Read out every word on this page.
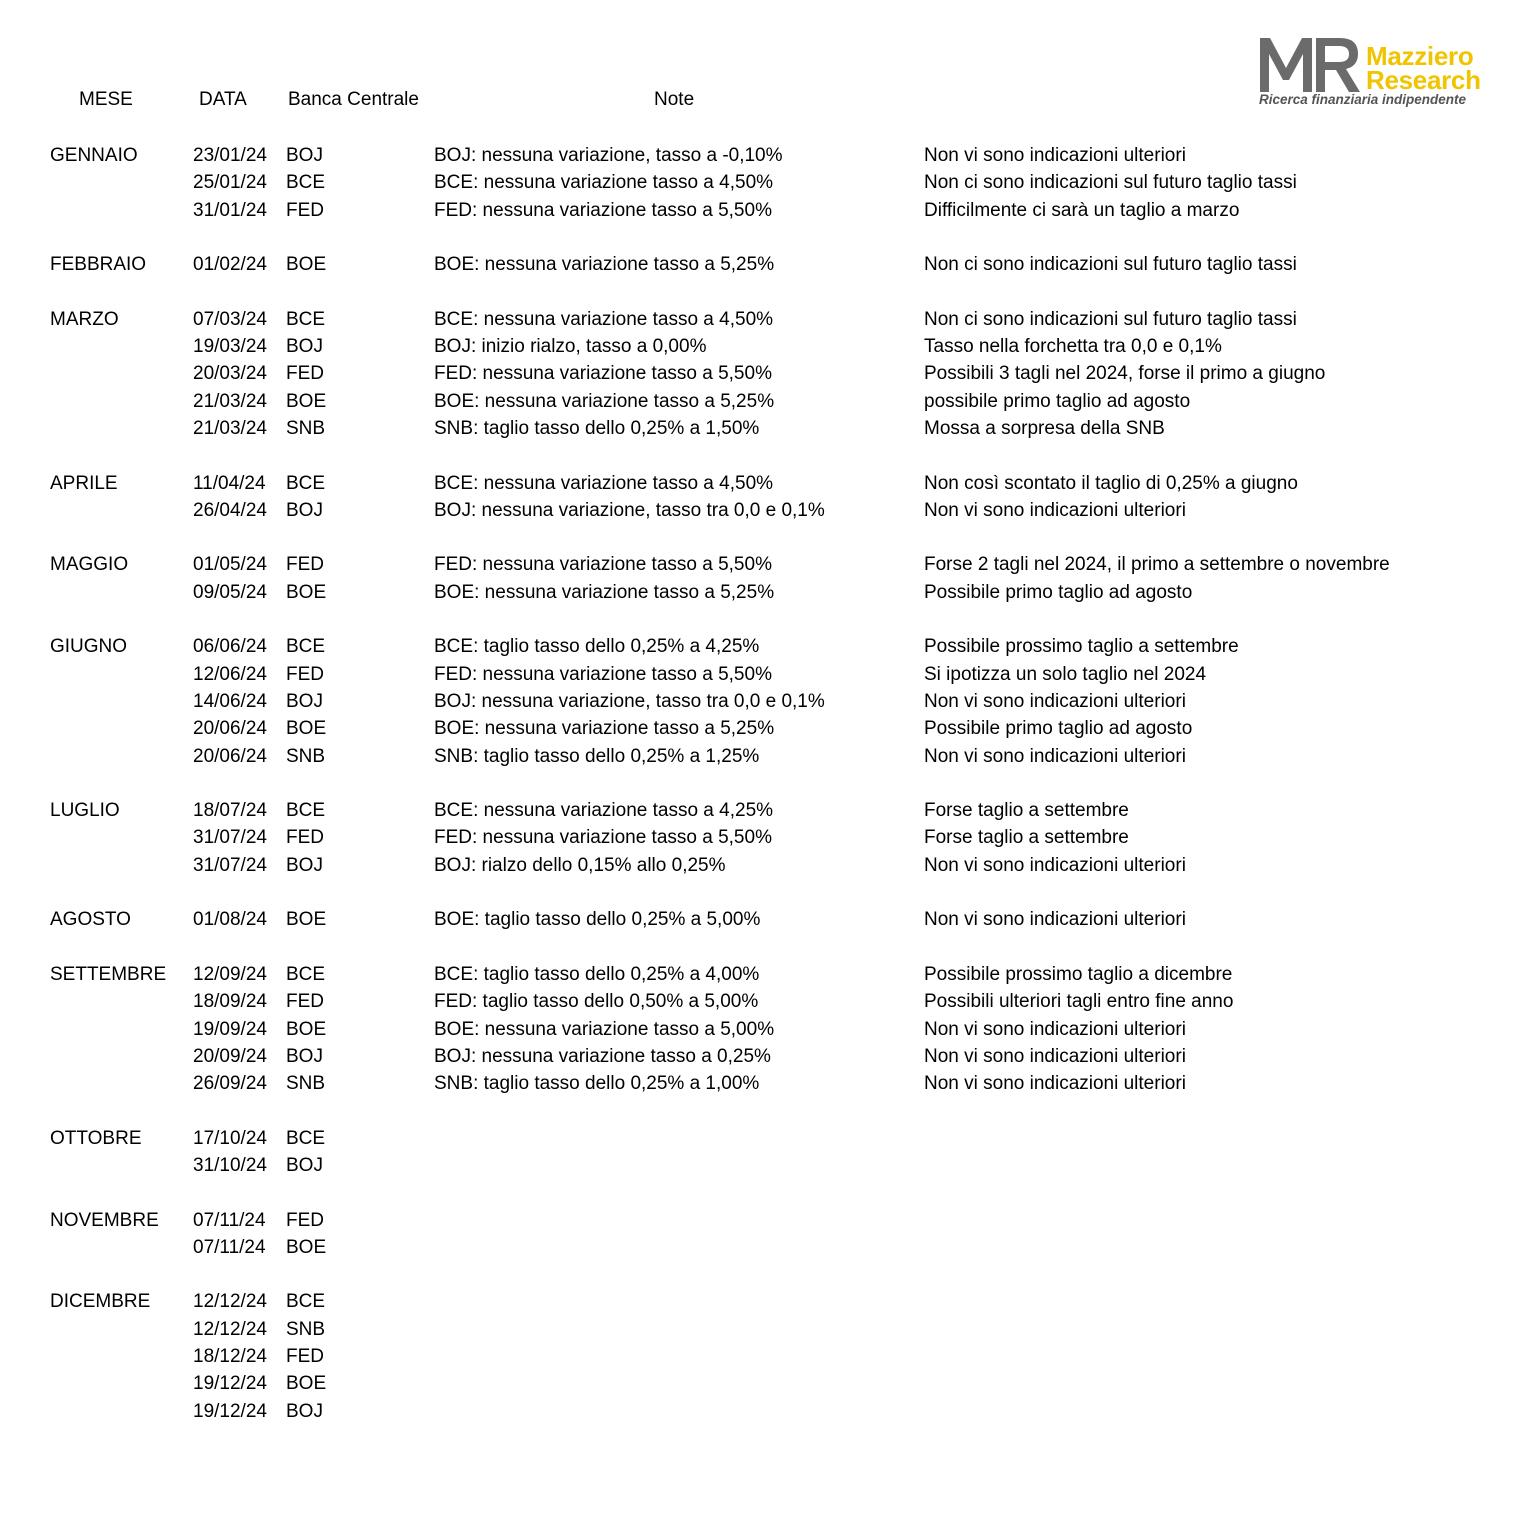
Mazziero
Research
Ricerca finanziaria indipendente
MESE	DATA Banca Centrale	Note
GENNAIO	23/01/24 BOJ	BOJ: nessuna variazione, tasso a -0,10%	Non vi sono indicazioni ulteriori
25/01/24 BCE	BCE: nessuna variazione tasso a 4,50%	Non ci sono indicazioni sul futuro taglio tassi
31/01/24 FED	FED: nessuna variazione tasso a 5,50%	Difficilmente ci sarà un taglio a marzo
FEBBRAIO 01/02/24 BOE	BOE: nessuna variazione tasso a 5,25%	Non ci sono indicazioni sul futuro taglio tassi
MARZO	07/03/24 BCE	BCE: nessuna variazione tasso a 4,50%	Non ci sono indicazioni sul futuro taglio tassi
19/03/24 BOJ	BOJ: inizio rialzo, tasso a 0,00%	Tasso nella forchetta tra 0,0 e 0,1%
20/03/24 FED	FED: nessuna variazione tasso a 5,50%	Possibili 3 tagli nel 2024, forse il primo a giugno
21/03/24 BOE	BOE: nessuna variazione tasso a 5,25%	possibile primo taglio ad agosto
21/03/24 SNB	SNB: taglio tasso dello 0,25% a 1,50%	Mossa a sorpresa della SNB
APRILE	11/04/24 BCE	BCE: nessuna variazione tasso a 4,50%	Non così scontato il taglio di 0,25% a giugno
26/04/24 BOJ	BOJ: nessuna variazione, tasso tra 0,0 e 0,1%	Non vi sono indicazioni ulteriori
MAGGIO	01/05/24 FED	FED: nessuna variazione tasso a 5,50%	Forse 2 tagli nel 2024, il primo a settembre o novembre
09/05/24 BOE	BOE: nessuna variazione tasso a 5,25%	Possibile primo taglio ad agosto
GIUGNO	06/06/24 BCE	BCE: taglio tasso dello 0,25% a 4,25%	Possibile prossimo taglio a settembre
12/06/24 FED	FED: nessuna variazione tasso a 5,50%	Si ipotizza un solo taglio nel 2024
14/06/24 BOJ	BOJ: nessuna variazione, tasso tra 0,0 e 0,1%	Non vi sono indicazioni ulteriori
20/06/24 BOE	BOE: nessuna variazione tasso a 5,25%	Possibile primo taglio ad agosto
20/06/24 SNB	SNB: taglio tasso dello 0,25% a 1,25%	Non vi sono indicazioni ulteriori
LUGLIO	18/07/24 BCE	BCE: nessuna variazione tasso a 4,25%	Forse taglio a settembre
31/07/24 FED	FED: nessuna variazione tasso a 5,50%	Forse taglio a settembre
31/07/24 BOJ	BOJ: rialzo dello 0,15% allo 0,25%	Non vi sono indicazioni ulteriori
AGOSTO	01/08/24 BOE	BOE: taglio tasso dello 0,25% a 5,00%	Non vi sono indicazioni ulteriori
SETTEMBRE 12/09/24 BCE	BCE: taglio tasso dello 0,25% a 4,00%	Possibile prossimo taglio a dicembre
18/09/24 FED	FED: taglio tasso dello 0,50% a 5,00%	Possibili ulteriori tagli entro fine anno
19/09/24 BOE	BOE: nessuna variazione tasso a 5,00%	Non vi sono indicazioni ulteriori
20/09/24 BOJ	BOJ: nessuna variazione tasso a 0,25%	Non vi sono indicazioni ulteriori
26/09/24 SNB	SNB: taglio tasso dello 0,25% a 1,00%	Non vi sono indicazioni ulteriori
OTTOBRE	17/10/24 BCE
31/10/24 BOJ
NOVEMBRE 07/11/24 FED
07/11/24 BOE
DICEMBRE 12/12/24 BCE
12/12/24 SNB
18/12/24 FED
19/12/24 BOE
19/12/24 BOJ
